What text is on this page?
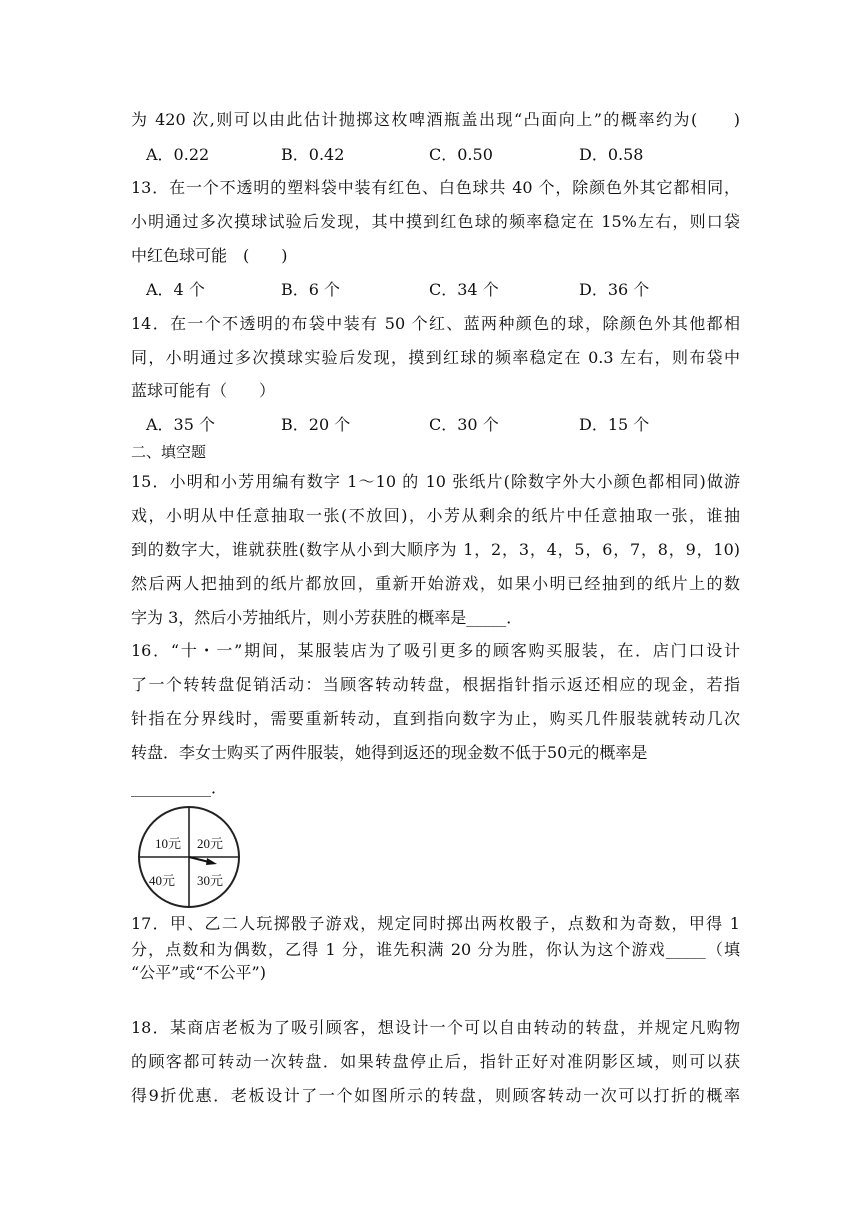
为 420 次,则可以由此估计抛掷这枚啤酒瓶盖出现“凸面向上”的概率约为(　　)
A．0.22	B．0.42	C．0.50	D．0.58
13．在一个不透明的塑料袋中装有红色、白色球共 40 个，除颜色外其它都相同，
小明通过多次摸球试验后发现，其中摸到红色球的频率稳定在 15%左右，则口袋
中红色球可能　(　　)
A．4 个	B．6 个	C．34 个	D．36 个
14．在一个不透明的布袋中装有 50 个红、蓝两种颜色的球，除颜色外其他都相
同，小明通过多次摸球实验后发现，摸到红球的频率稳定在 0.3 左右，则布袋中
蓝球可能有（　　）
A．35 个	B．20 个	C．30 个	D．15 个
二、填空题
15．小明和小芳用编有数字 1～10 的 10 张纸片(除数字外大小颜色都相同)做游
戏，小明从中任意抽取一张(不放回)，小芳从剩余的纸片中任意抽取一张，谁抽
到的数字大，谁就获胜(数字从小到大顺序为 1，2，3，4，5，6，7，8，9，10)
然后两人把抽到的纸片都放回，重新开始游戏，如果小明已经抽到的纸片上的数
字为 3，然后小芳抽纸片，则小芳获胜的概率是_____．
16．“十・一”期间，某服装店为了吸引更多的顾客购买服装，在．店门口设计
了一个转转盘促销活动：当顾客转动转盘，根据指针指示返还相应的现金，若指
针指在分界线时，需要重新转动，直到指向数字为止，购买几件服装就转动几次
转盘．李女士购买了两件服装，她得到返还的现金数不低于50元的概率是
__________．
10元 20元
40元 30元
17．甲、乙二人玩掷骰子游戏，规定同时掷出两枚骰子，点数和为奇数，甲得 1
分，点数和为偶数，乙得 1 分，谁先积满 20 分为胜，你认为这个游戏_____（填
“公平”或“不公平”)
18．某商店老板为了吸引顾客，想设计一个可以自由转动的转盘，并规定凡购物
的顾客都可转动一次转盘．如果转盘停止后，指针正好对准阴影区域，则可以获
得9折优惠．老板设计了一个如图所示的转盘，则顾客转动一次可以打折的概率
